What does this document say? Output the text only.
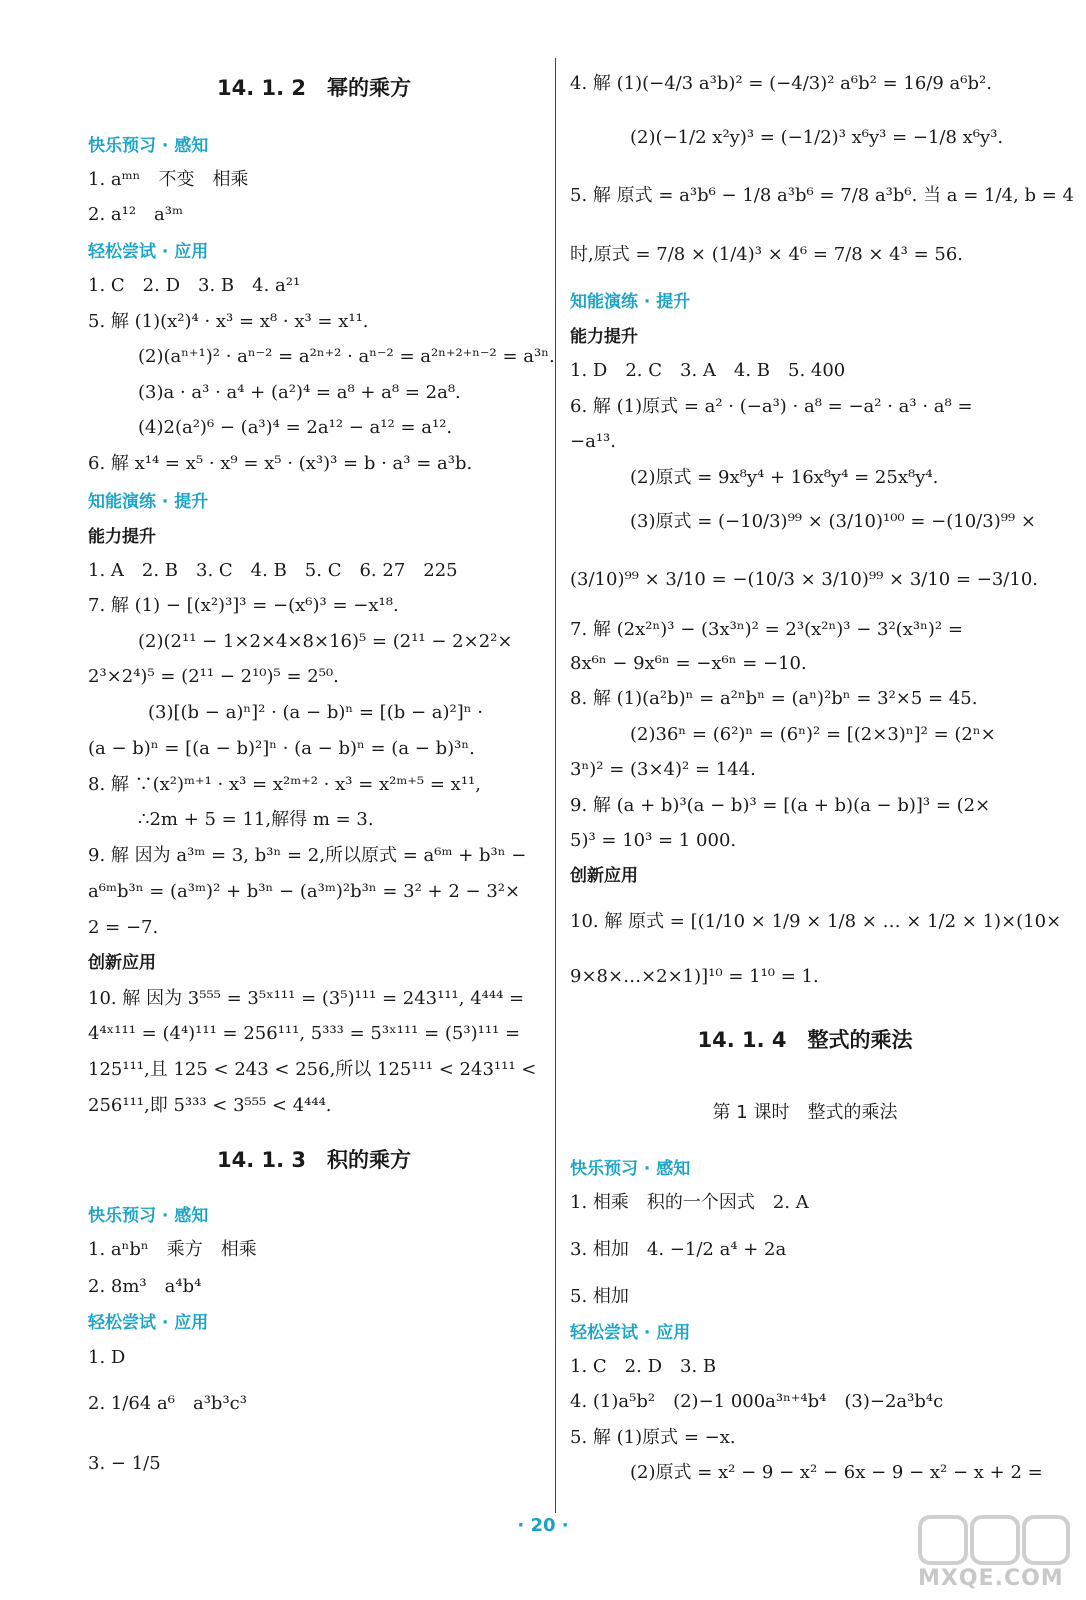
14. 1. 2　幂的乘方
快乐预习 · 感知
1. aᵐⁿ　不变　相乘
2. a¹²　a³ᵐ
轻松尝试 · 应用
1. C　2. D　3. B　4. a²¹
5. 解 (1)(x²)⁴ · x³ = x⁸ · x³ = x¹¹.
(2)(aⁿ⁺¹)² · aⁿ⁻² = a²ⁿ⁺² · aⁿ⁻² = a²ⁿ⁺²⁺ⁿ⁻² = a³ⁿ.
(3)a · a³ · a⁴ + (a²)⁴ = a⁸ + a⁸ = 2a⁸.
(4)2(a²)⁶ − (a³)⁴ = 2a¹² − a¹² = a¹².
6. 解 x¹⁴ = x⁵ · x⁹ = x⁵ · (x³)³ = b · a³ = a³b.
知能演练 · 提升
能力提升
1. A　2. B　3. C　4. B　5. C　6. 27　225
7. 解 (1) − [(x²)³]³ = −(x⁶)³ = −x¹⁸.
(2)(2¹¹ − 1×2×4×8×16)⁵ = (2¹¹ − 2×2²×
2³×2⁴)⁵ = (2¹¹ − 2¹⁰)⁵ = 2⁵⁰.
(3)[(b − a)ⁿ]² · (a − b)ⁿ = [(b − a)²]ⁿ ·
(a − b)ⁿ = [(a − b)²]ⁿ · (a − b)ⁿ = (a − b)³ⁿ.
8. 解 ∵(x²)ᵐ⁺¹ · x³ = x²ᵐ⁺² · x³ = x²ᵐ⁺⁵ = x¹¹,
∴2m + 5 = 11,解得 m = 3.
9. 解 因为 a³ᵐ = 3, b³ⁿ = 2,所以原式 = a⁶ᵐ + b³ⁿ −
a⁶ᵐb³ⁿ = (a³ᵐ)² + b³ⁿ − (a³ᵐ)²b³ⁿ = 3² + 2 − 3²×
2 = −7.
创新应用
10. 解 因为 3⁵⁵⁵ = 3⁵ˣ¹¹¹ = (3⁵)¹¹¹ = 243¹¹¹, 4⁴⁴⁴ =
4⁴ˣ¹¹¹ = (4⁴)¹¹¹ = 256¹¹¹, 5³³³ = 5³ˣ¹¹¹ = (5³)¹¹¹ =
125¹¹¹,且 125 < 243 < 256,所以 125¹¹¹ < 243¹¹¹ <
256¹¹¹,即 5³³³ < 3⁵⁵⁵ < 4⁴⁴⁴.
14. 1. 3　积的乘方
快乐预习 · 感知
1. aⁿbⁿ　乘方　相乘
2. 8m³　a⁴b⁴
轻松尝试 · 应用
1. D
2. 1/64 a⁶　a³b³c³
3. − 1/5
4. 解 (1)(−4/3 a³b)² = (−4/3)² a⁶b² = 16/9 a⁶b².
(2)(−1/2 x²y)³ = (−1/2)³ x⁶y³ = −1/8 x⁶y³.
5. 解 原式 = a³b⁶ − 1/8 a³b⁶ = 7/8 a³b⁶. 当 a = 1/4, b = 4
时,原式 = 7/8 × (1/4)³ × 4⁶ = 7/8 × 4³ = 56.
知能演练 · 提升
能力提升
1. D　2. C　3. A　4. B　5. 400
6. 解 (1)原式 = a² · (−a³) · a⁸ = −a² · a³ · a⁸ =
−a¹³.
(2)原式 = 9x⁸y⁴ + 16x⁸y⁴ = 25x⁸y⁴.
(3)原式 = (−10/3)⁹⁹ × (3/10)¹⁰⁰ = −(10/3)⁹⁹ ×
(3/10)⁹⁹ × 3/10 = −(10/3 × 3/10)⁹⁹ × 3/10 = −3/10.
7. 解 (2x²ⁿ)³ − (3x³ⁿ)² = 2³(x²ⁿ)³ − 3²(x³ⁿ)² =
8x⁶ⁿ − 9x⁶ⁿ = −x⁶ⁿ = −10.
8. 解 (1)(a²b)ⁿ = a²ⁿbⁿ = (aⁿ)²bⁿ = 3²×5 = 45.
(2)36ⁿ = (6²)ⁿ = (6ⁿ)² = [(2×3)ⁿ]² = (2ⁿ×
3ⁿ)² = (3×4)² = 144.
9. 解 (a + b)³(a − b)³ = [(a + b)(a − b)]³ = (2×
5)³ = 10³ = 1 000.
创新应用
10. 解 原式 = [(1/10 × 1/9 × 1/8 × … × 1/2 × 1)×(10×
9×8×…×2×1)]¹⁰ = 1¹⁰ = 1.
14. 1. 4　整式的乘法
第 1 课时　整式的乘法
快乐预习 · 感知
1. 相乘　积的一个因式　2. A
3. 相加　4. −1/2 a⁴ + 2a
5. 相加
轻松尝试 · 应用
1. C　2. D　3. B
4. (1)a⁵b²　(2)−1 000a³ⁿ⁺⁴b⁴　(3)−2a³b⁴c
5. 解 (1)原式 = −x.
(2)原式 = x² − 9 − x² − 6x − 9 − x² − x + 2 =
· 20 ·
MXQE.COM
